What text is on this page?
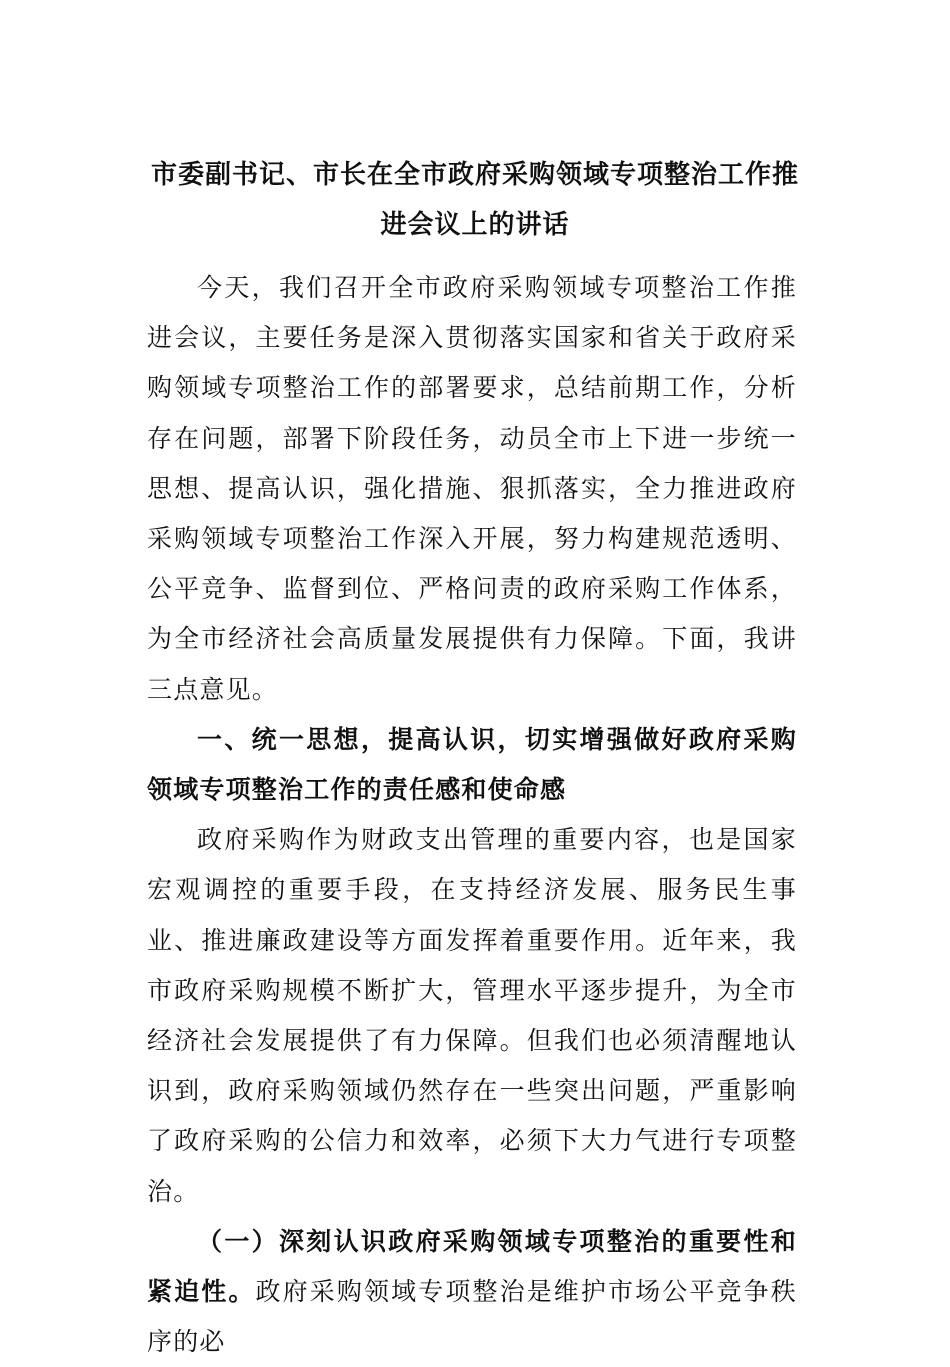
市委副书记、市长在全市政府采购领域专项整治工作推进会议上的讲话

今天，我们召开全市政府采购领域专项整治工作推进会议，主要任务是深入贯彻落实国家和省关于政府采购领域专项整治工作的部署要求，总结前期工作，分析存在问题，部署下阶段任务，动员全市上下进一步统一思想、提高认识，强化措施、狠抓落实，全力推进政府采购领域专项整治工作深入开展，努力构建规范透明、公平竞争、监督到位、严格问责的政府采购工作体系，为全市经济社会高质量发展提供有力保障。下面，我讲三点意见。

一、统一思想，提高认识，切实增强做好政府采购领域专项整治工作的责任感和使命感

政府采购作为财政支出管理的重要内容，也是国家宏观调控的重要手段，在支持经济发展、服务民生事业、推进廉政建设等方面发挥着重要作用。近年来，我市政府采购规模不断扩大，管理水平逐步提升，为全市经济社会发展提供了有力保障。但我们也必须清醒地认识到，政府采购领域仍然存在一些突出问题，严重影响了政府采购的公信力和效率，必须下大力气进行专项整治。

（一）深刻认识政府采购领域专项整治的重要性和紧迫性。政府采购领域专项整治是维护市场公平竞争秩序的必
